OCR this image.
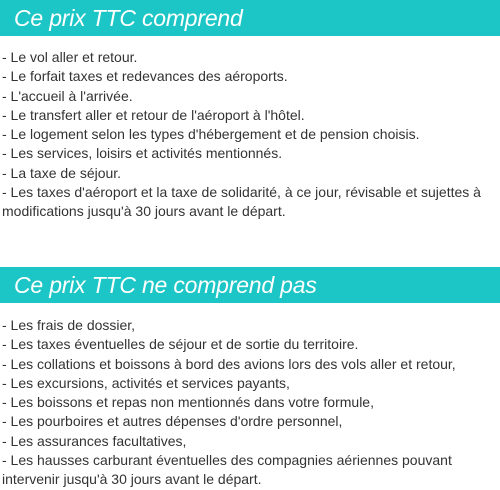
Ce prix TTC comprend
- Le vol aller et retour.
- Le forfait taxes et redevances des aéroports.
- L'accueil à l'arrivée.
- Le transfert aller et retour de l'aéroport à l'hôtel.
- Le logement selon les types d'hébergement et de pension choisis.
- Les services, loisirs et activités mentionnés.
- La taxe de séjour.
- Les taxes d'aéroport et la taxe de solidarité, à ce jour, révisable et sujettes à modifications jusqu'à 30 jours avant le départ.
Ce prix TTC ne comprend pas
- Les frais de dossier,
- Les taxes éventuelles de séjour et de sortie du territoire.
- Les collations et boissons à bord des avions lors des vols aller et retour,
- Les excursions, activités et services payants,
- Les boissons et repas non mentionnés dans votre formule,
- Les pourboires et autres dépenses d'ordre personnel,
- Les assurances facultatives,
- Les hausses carburant éventuelles des compagnies aériennes pouvant intervenir jusqu'à 30 jours avant le départ.
